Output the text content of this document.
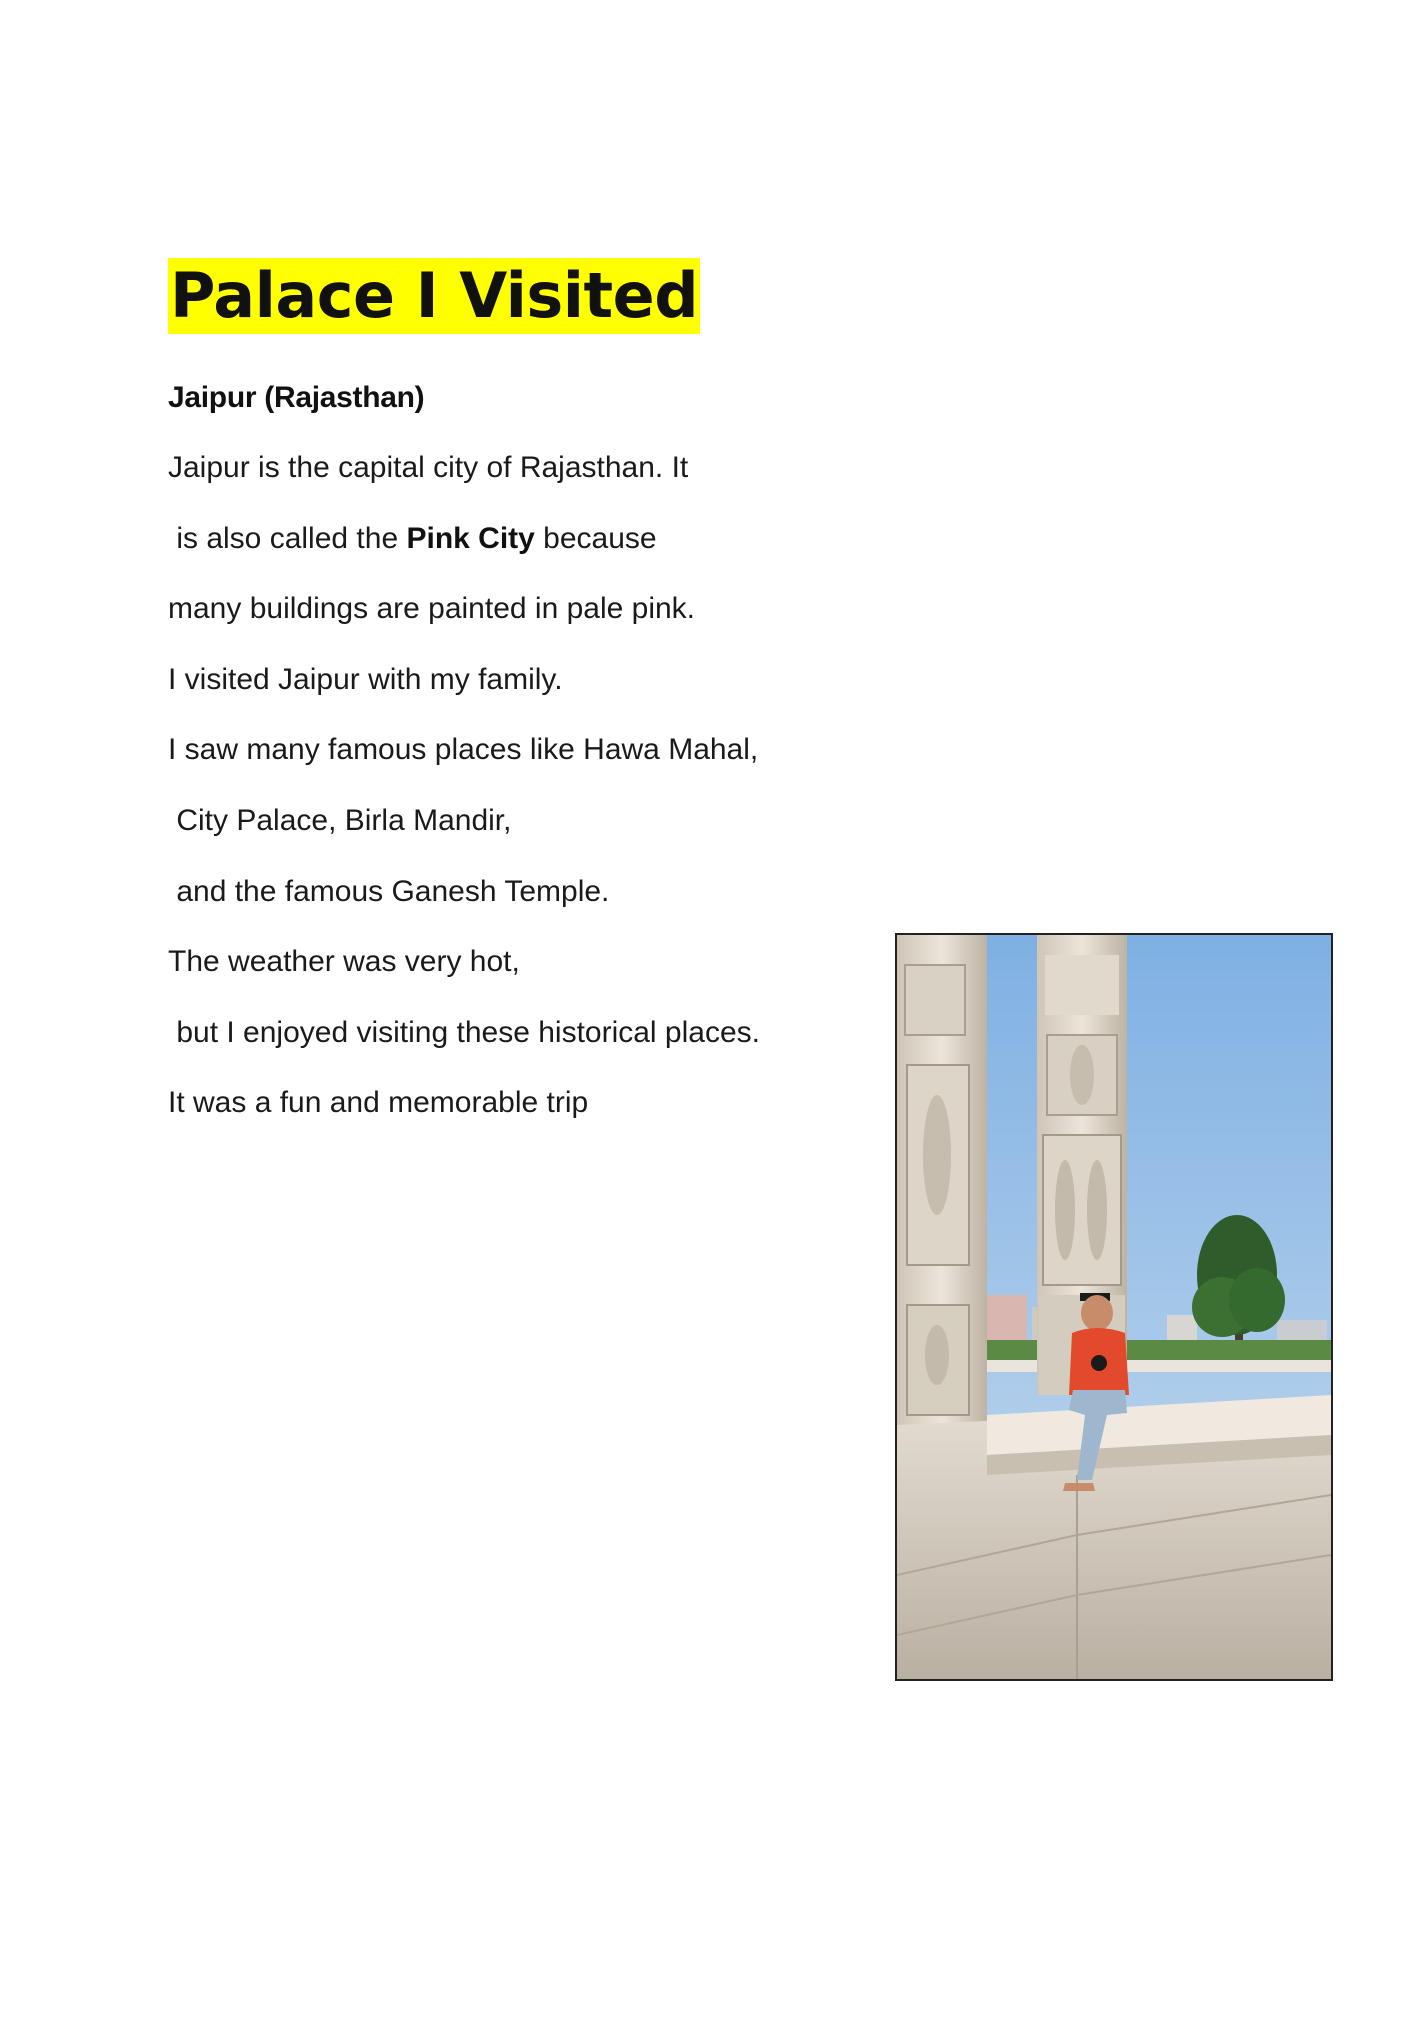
Palace I Visited
Jaipur (Rajasthan)
Jaipur is the capital city of Rajasthan. It
is also called the Pink City because
many buildings are painted in pale pink.
I visited Jaipur with my family.
I saw many famous places like Hawa Mahal,
City Palace, Birla Mandir,
and the famous Ganesh Temple.
The weather was very hot,
but I enjoyed visiting these historical places.
It was a fun and memorable trip
